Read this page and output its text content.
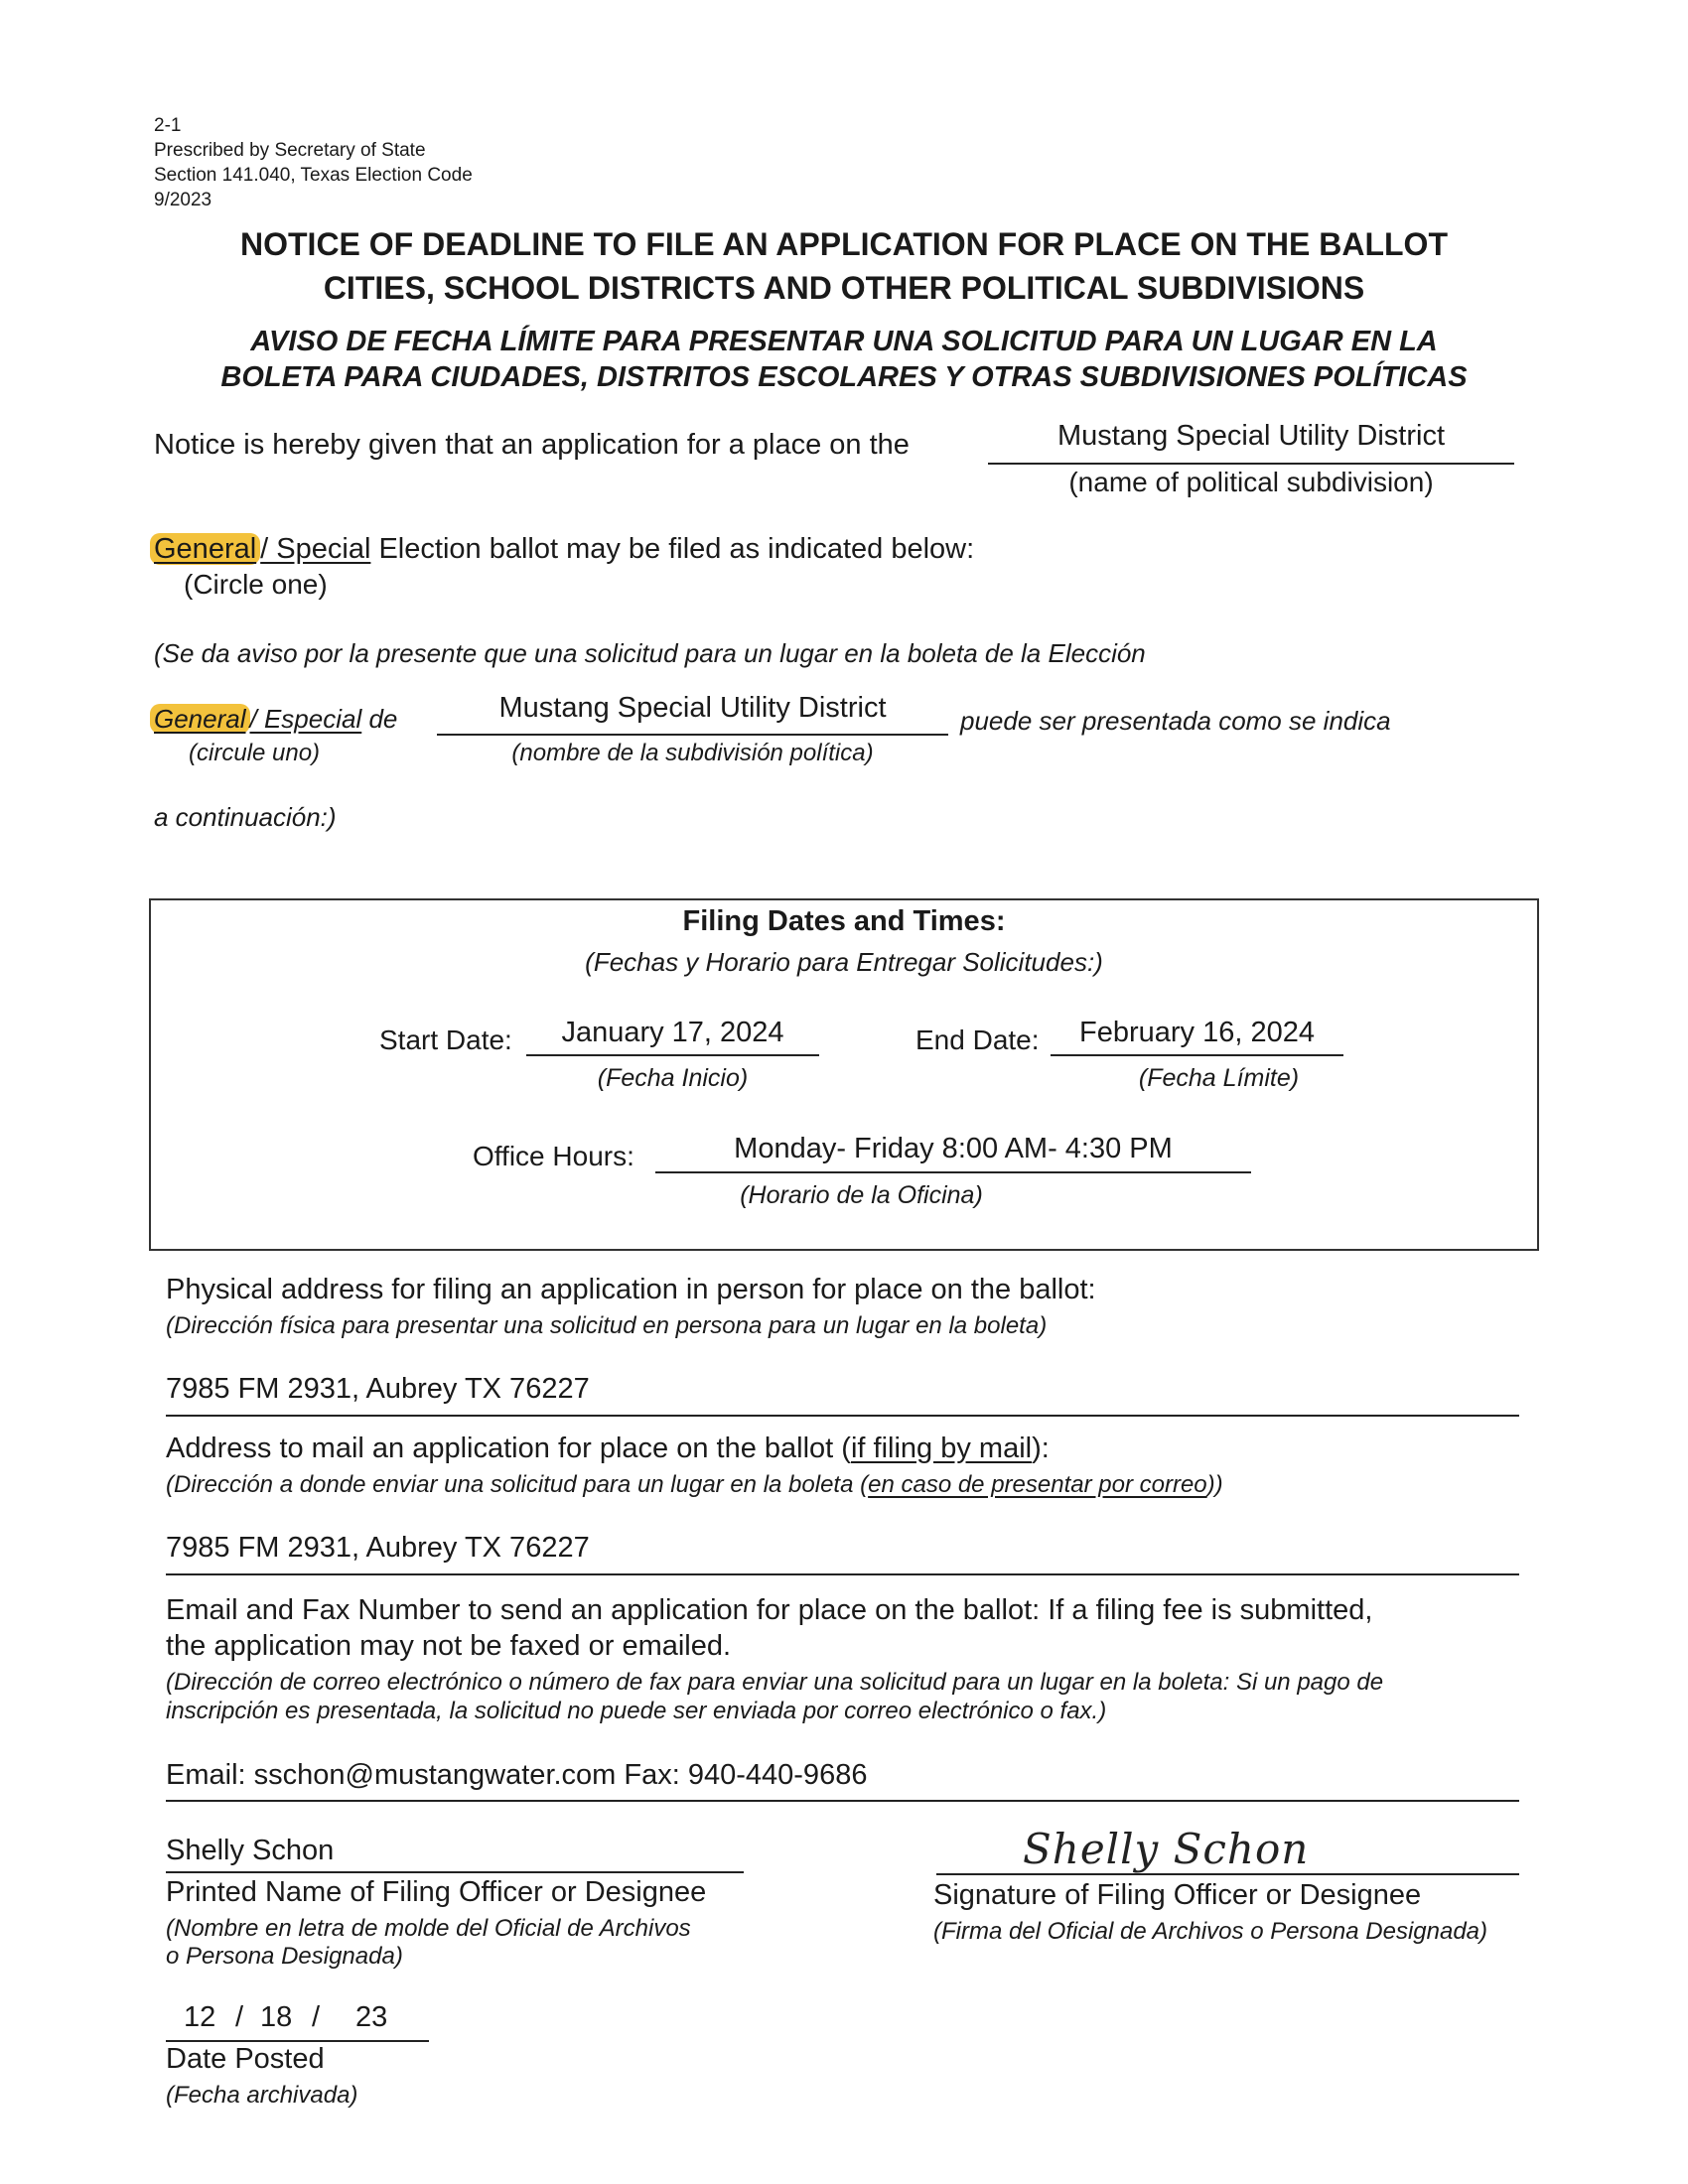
2-1
Prescribed by Secretary of State
Section 141.040, Texas Election Code
9/2023
NOTICE OF DEADLINE TO FILE AN APPLICATION FOR PLACE ON THE BALLOT
CITIES, SCHOOL DISTRICTS AND OTHER POLITICAL SUBDIVISIONS
AVISO DE FECHA LÍMITE PARA PRESENTAR UNA SOLICITUD PARA UN LUGAR EN LA
BOLETA PARA CIUDADES, DISTRITOS ESCOLARES Y OTRAS SUBDIVISIONES POLÍTICAS
Notice is hereby given that an application for a place on the	Mustang Special Utility District
(name of political subdivision)
General / Special Election ballot may be filed as indicated below:
(Circle one)
(Se da aviso por la presente que una solicitud para un lugar en la boleta de la Elección
General / Especial de	Mustang Special Utility District	puede ser presentada como se indica
(circule uno)	(nombre de la subdivisión política)
a continuación:)
Filing Dates and Times:
(Fechas y Horario para Entregar Solicitudes:)
Start Date:	January 17, 2024
(Fecha Inicio)
End Date:	February 16, 2024
(Fecha Límite)
Office Hours:	Monday- Friday 8:00 AM- 4:30 PM
(Horario de la Oficina)
Physical address for filing an application in person for place on the ballot:
(Dirección física para presentar una solicitud en persona para un lugar en la boleta)
7985 FM 2931, Aubrey TX 76227
Address to mail an application for place on the ballot (if filing by mail):
(Dirección a donde enviar una solicitud para un lugar en la boleta (en caso de presentar por correo))
7985 FM 2931, Aubrey TX 76227
Email and Fax Number to send an application for place on the ballot: If a filing fee is submitted,
the application may not be faxed or emailed.
(Dirección de correo electrónico o número de fax para enviar una solicitud para un lugar en la boleta: Si un pago de
inscripción es presentada, la solicitud no puede ser enviada por correo electrónico o fax.)
Email: sschon@mustangwater.com Fax: 940-440-9686
Shelly Schon
Printed Name of Filing Officer or Designee
(Nombre en letra de molde del Oficial de Archivos
o Persona Designada)
Shelly Schon
Signature of Filing Officer or Designee
(Firma del Oficial de Archivos o Persona Designada)
12 / 18 / 23
Date Posted
(Fecha archivada)
